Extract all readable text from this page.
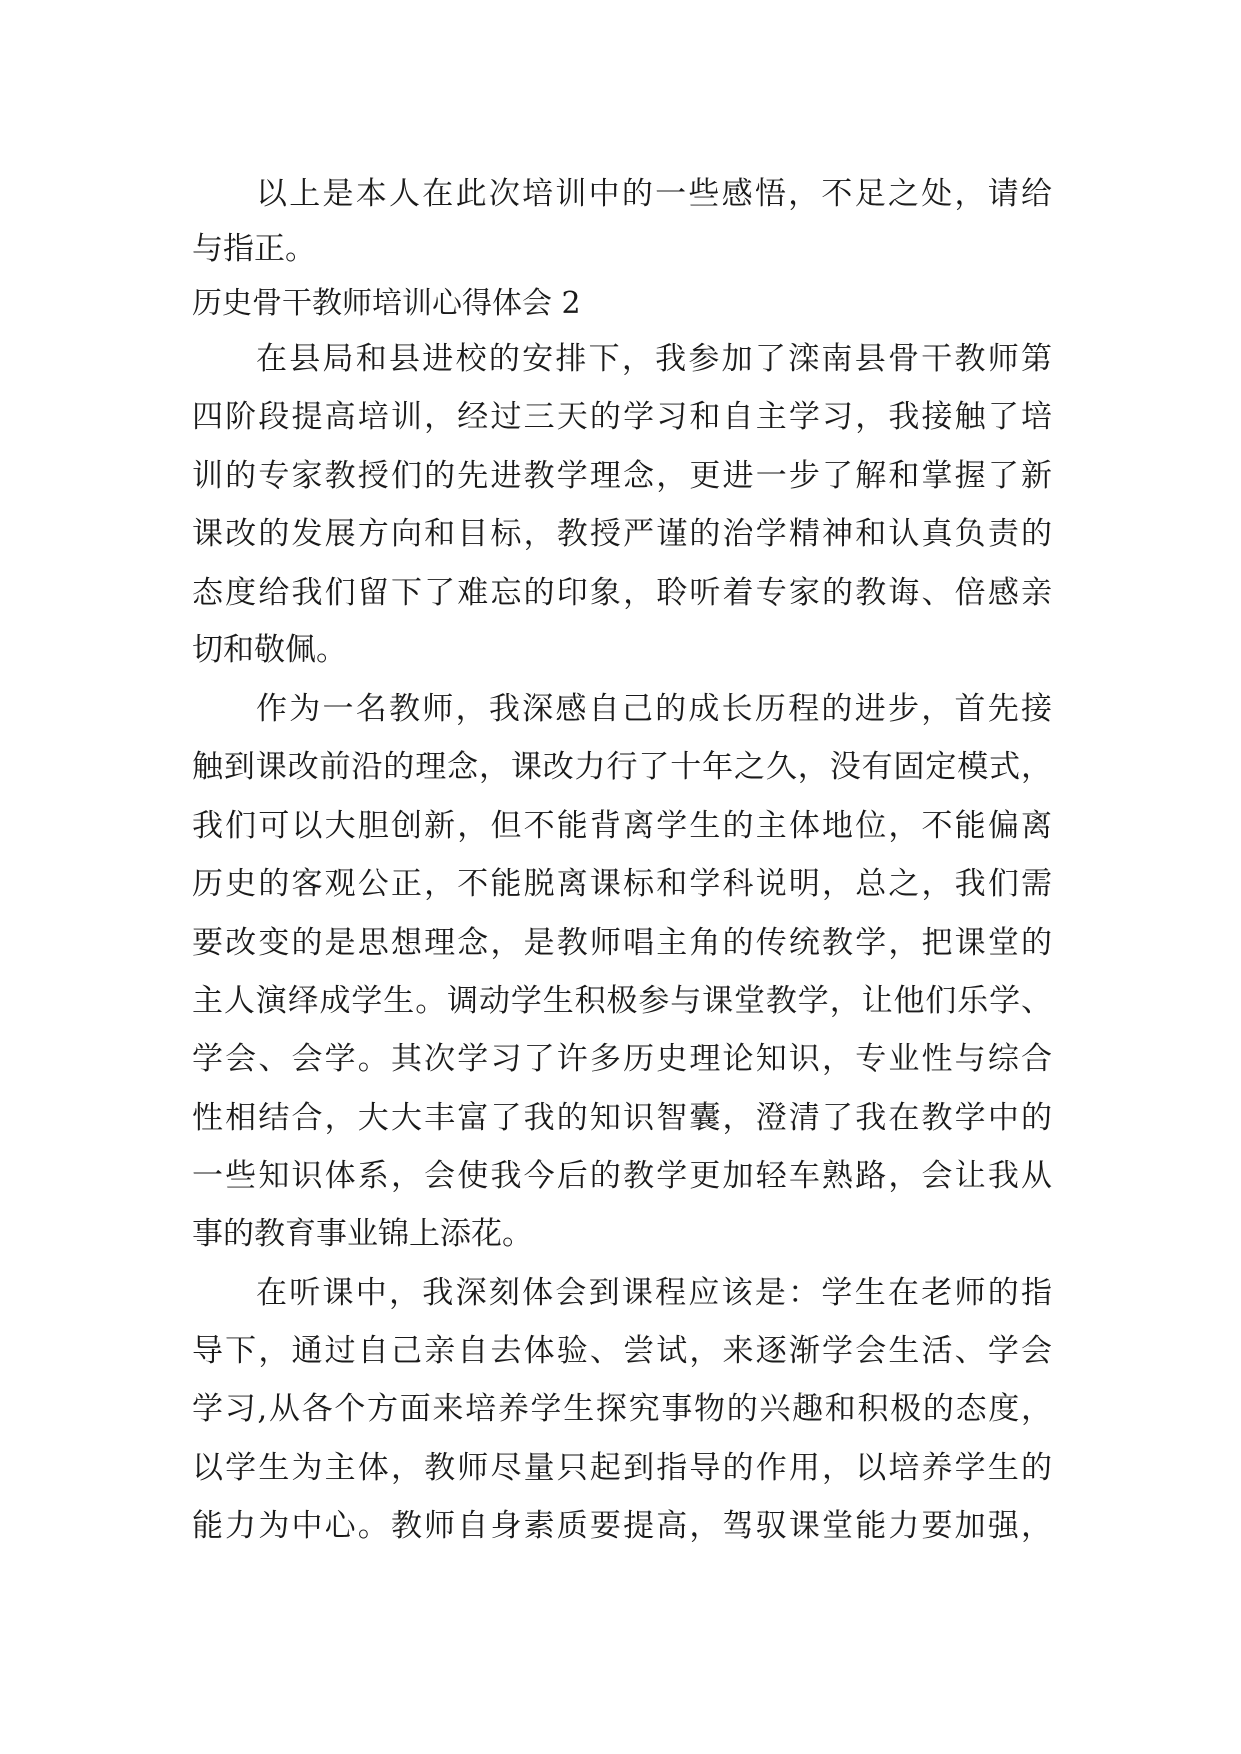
以上是本人在此次培训中的一些感悟，不足之处，请给
与指正。
历史骨干教师培训心得体会 2
在县局和县进校的安排下，我参加了滦南县骨干教师第
四阶段提高培训，经过三天的学习和自主学习，我接触了培
训的专家教授们的先进教学理念，更进一步了解和掌握了新
课改的发展方向和目标，教授严谨的治学精神和认真负责的
态度给我们留下了难忘的印象，聆听着专家的教诲、倍感亲
切和敬佩。
作为一名教师，我深感自己的成长历程的进步，首先接
触到课改前沿的理念，课改力行了十年之久，没有固定模式，
我们可以大胆创新，但不能背离学生的主体地位，不能偏离
历史的客观公正，不能脱离课标和学科说明，总之，我们需
要改变的是思想理念，是教师唱主角的传统教学，把课堂的
主人演绎成学生。调动学生积极参与课堂教学，让他们乐学、
学会、会学。其次学习了许多历史理论知识，专业性与综合
性相结合，大大丰富了我的知识智囊，澄清了我在教学中的
一些知识体系，会使我今后的教学更加轻车熟路，会让我从
事的教育事业锦上添花。
在听课中，我深刻体会到课程应该是：学生在老师的指
导下，通过自己亲自去体验、尝试，来逐渐学会生活、学会
学习,从各个方面来培养学生探究事物的兴趣和积极的态度，
以学生为主体，教师尽量只起到指导的作用，以培养学生的
能力为中心。教师自身素质要提高，驾驭课堂能力要加强，
